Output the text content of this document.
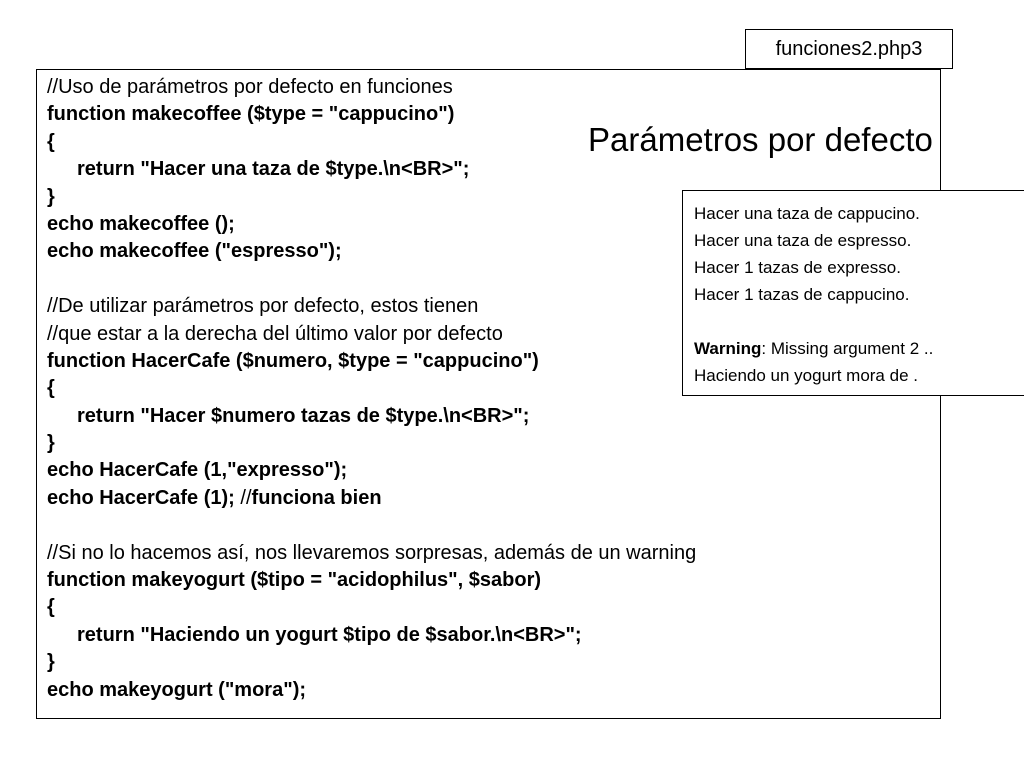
funciones2.php3
//Uso de parámetros por defecto en funciones
function makecoffee ($type = "cappucino")
{
return "Hacer una taza de $type.\n<BR>";
}
echo makecoffee ();
echo makecoffee ("espresso");
//De utilizar parámetros por defecto, estos tienen
//que estar a la derecha del último valor por defecto
function HacerCafe ($numero, $type = "cappucino")
{
return "Hacer $numero tazas de $type.\n<BR>";
}
echo HacerCafe (1,"expresso");
echo HacerCafe (1); //funciona bien
//Si no lo hacemos así, nos llevaremos sorpresas, además de un warning
function makeyogurt ($tipo = "acidophilus", $sabor)
{
return "Haciendo un yogurt $tipo de $sabor.\n<BR>";
}
echo makeyogurt ("mora");
Parámetros por defecto
Hacer una taza de cappucino.
Hacer una taza de espresso.
Hacer 1 tazas de expresso.
Hacer 1 tazas de cappucino.
Warning: Missing argument 2 ..
Haciendo un yogurt mora de .
